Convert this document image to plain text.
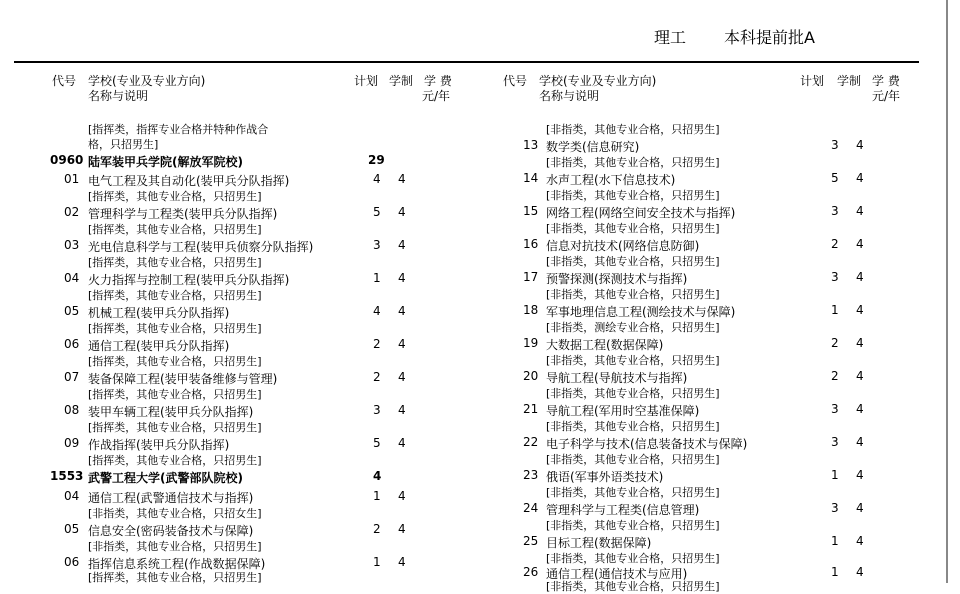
理工 本科提前批A
代号 学校(专业及专业方向)
名称与说明
计划 学制 学 费
元/年
代号 学校(专业及专业方向)
名称与说明
计划 学制 学 费
元/年
[指挥类，指挥专业合格并特种作战合
格，只招男生]
0960 陆军装甲兵学院(解放军院校)	29
01 电气工程及其自动化(装甲兵分队指挥)	4 4
[指挥类，其他专业合格，只招男生]
02 管理科学与工程类(装甲兵分队指挥)	5 4
[指挥类，其他专业合格，只招男生]
03 光电信息科学与工程(装甲兵侦察分队指挥)	3 4
[指挥类，其他专业合格，只招男生]
04 火力指挥与控制工程(装甲兵分队指挥)	1 4
[指挥类，其他专业合格，只招男生]
05 机械工程(装甲兵分队指挥)	4 4
[指挥类，其他专业合格，只招男生]
06 通信工程(装甲兵分队指挥)	2 4
[指挥类，其他专业合格，只招男生]
07 装备保障工程(装甲装备维修与管理)	2 4
[指挥类，其他专业合格，只招男生]
08 装甲车辆工程(装甲兵分队指挥)	3 4
[指挥类，其他专业合格，只招男生]
09 作战指挥(装甲兵分队指挥)	5 4
[指挥类，其他专业合格，只招男生]
1553 武警工程大学(武警部队院校)	4
04 通信工程(武警通信技术与指挥)	1 4
[非指类，其他专业合格，只招女生]
05 信息安全(密码装备技术与保障)	2 4
[非指类，其他专业合格，只招男生]
06 指挥信息系统工程(作战数据保障)	1 4
[指挥类，其他专业合格，只招男生]
[非指类，其他专业合格，只招男生]
13 数学类(信息研究)	3 4
[非指类，其他专业合格，只招男生]
14 水声工程(水下信息技术)	5 4
[非指类，其他专业合格，只招男生]
15 网络工程(网络空间安全技术与指挥)	3 4
[非指类，其他专业合格，只招男生]
16 信息对抗技术(网络信息防御)	2 4
[非指类，其他专业合格，只招男生]
17 预警探测(探测技术与指挥)	3 4
[非指类，其他专业合格，只招男生]
18 军事地理信息工程(测绘技术与保障)	1 4
[非指类，测绘专业合格，只招男生]
19 大数据工程(数据保障)	2 4
[非指类，其他专业合格，只招男生]
20 导航工程(导航技术与指挥)	2 4
[非指类，其他专业合格，只招男生]
21 导航工程(军用时空基准保障)	3 4
[非指类，其他专业合格，只招男生]
22 电子科学与技术(信息装备技术与保障)	3 4
[非指类，其他专业合格，只招男生]
23 俄语(军事外语类技术)	1 4
[非指类，其他专业合格，只招男生]
24 管理科学与工程类(信息管理)	3 4
[非指类，其他专业合格，只招男生]
25 目标工程(数据保障)	1 4
[非指类，其他专业合格，只招男生]
26 通信工程(通信技术与应用)	1 4
[非指类，其他专业合格，只招男生]
